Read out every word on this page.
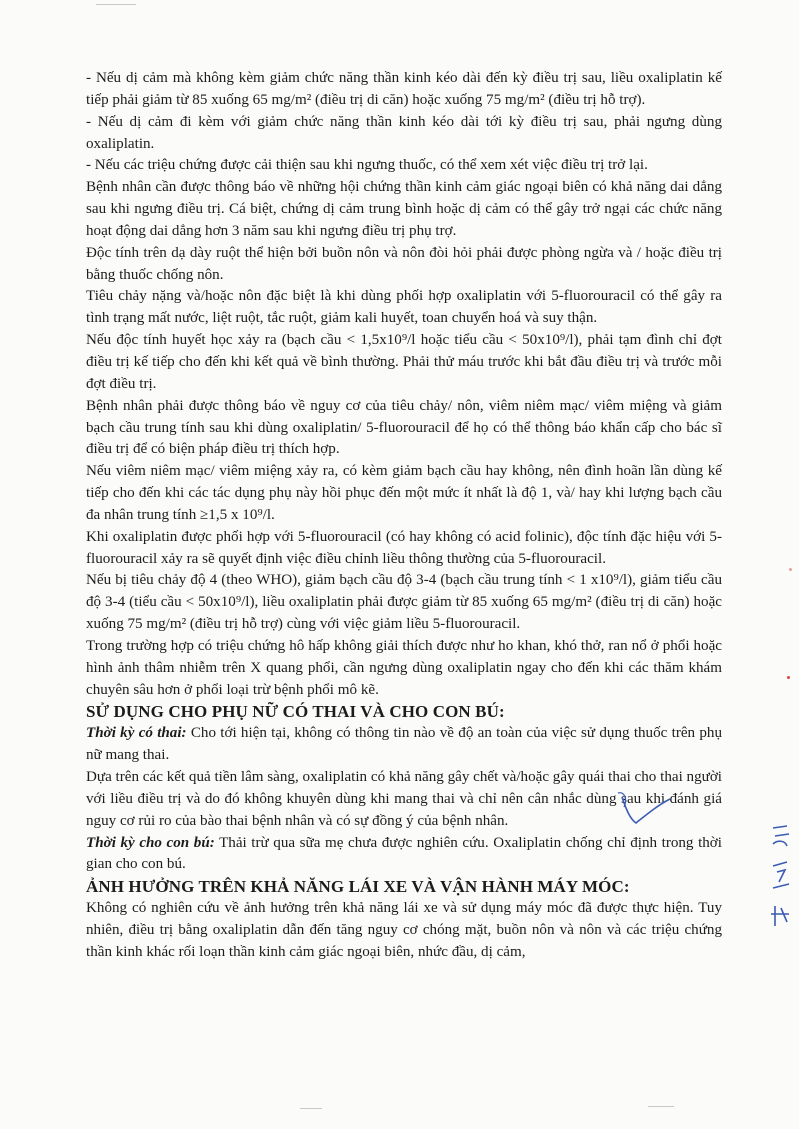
- Nếu dị cảm mà không kèm giảm chức năng thần kinh kéo dài đến kỳ điều trị sau, liều oxaliplatin kế tiếp phải giảm từ 85 xuống 65 mg/m² (điều trị di căn) hoặc xuống 75 mg/m² (điều trị hỗ trợ).

- Nếu dị cảm đi kèm với giảm chức năng thần kinh kéo dài tới kỳ điều trị sau, phải ngưng dùng oxaliplatin.

- Nếu các triệu chứng được cải thiện sau khi ngưng thuốc, có thể xem xét việc điều trị trở lại.

Bệnh nhân cần được thông báo về những hội chứng thần kinh cảm giác ngoại biên có khả năng dai dẳng sau khi ngưng điều trị. Cá biệt, chứng dị cảm trung bình hoặc dị cảm có thể gây trở ngại các chức năng hoạt động dai dẳng hơn 3 năm sau khi ngưng điều trị phụ trợ.

Độc tính trên dạ dày ruột thể hiện bởi buồn nôn và nôn đòi hỏi phải được phòng ngừa và / hoặc điều trị bằng thuốc chống nôn.

Tiêu chảy nặng và/hoặc nôn đặc biệt là khi dùng phối hợp oxaliplatin với 5-fluorouracil có thể gây ra tình trạng mất nước, liệt ruột, tắc ruột, giảm kali huyết, toan chuyển hoá và suy thận.

Nếu độc tính huyết học xảy ra (bạch cầu < 1,5x10⁹/l hoặc tiểu cầu < 50x10⁹/l), phải tạm đình chỉ đợt điều trị kế tiếp cho đến khi kết quả về bình thường. Phải thử máu trước khi bắt đầu điều trị và trước mỗi đợt điều trị.

Bệnh nhân phải được thông báo về nguy cơ của tiêu chảy/ nôn, viêm niêm mạc/ viêm miệng và giảm bạch cầu trung tính sau khi dùng oxaliplatin/ 5-fluorouracil để họ có thể thông báo khẩn cấp cho bác sĩ điều trị để có biện pháp điều trị thích hợp.

Nếu viêm niêm mạc/ viêm miệng xảy ra, có kèm giảm bạch cầu hay không, nên đình hoãn lần dùng kế tiếp cho đến khi các tác dụng phụ này hồi phục đến một mức ít nhất là độ 1, và/ hay khi lượng bạch cầu đa nhân trung tính ≥1,5 x 10⁹/l.

Khi oxaliplatin được phối hợp với 5-fluorouracil (có hay không có acid folinic), độc tính đặc hiệu với 5-fluorouracil xảy ra sẽ quyết định việc điều chỉnh liều thông thường của 5-fluorouracil.

Nếu bị tiêu chảy độ 4 (theo WHO), giảm bạch cầu độ 3-4 (bạch cầu trung tính < 1 x10⁹/l), giảm tiểu cầu độ 3-4 (tiểu cầu < 50x10⁹/l), liều oxaliplatin phải được giảm từ 85 xuống 65 mg/m² (điều trị di căn) hoặc xuống 75 mg/m² (điều trị hỗ trợ) cùng với việc giảm liều 5-fluorouracil.

Trong trường hợp có triệu chứng hô hấp không giải thích được như ho khan, khó thở, ran nổ ở phổi hoặc hình ảnh thâm nhiễm trên X quang phổi, cần ngưng dùng oxaliplatin ngay cho đến khi các thăm khám chuyên sâu hơn ở phổi loại trừ bệnh phổi mô kẽ.

SỬ DỤNG CHO PHỤ NỮ CÓ THAI VÀ CHO CON BÚ:

Thời kỳ có thai: Cho tới hiện tại, không có thông tin nào về độ an toàn của việc sử dụng thuốc trên phụ nữ mang thai.

Dựa trên các kết quả tiền lâm sàng, oxaliplatin có khả năng gây chết và/hoặc gây quái thai cho thai người với liều điều trị và do đó không khuyên dùng khi mang thai và chỉ nên cân nhắc dùng sau khi đánh giá nguy cơ rủi ro của bào thai bệnh nhân và có sự đồng ý của bệnh nhân.

Thời kỳ cho con bú: Thải trừ qua sữa mẹ chưa được nghiên cứu. Oxaliplatin chống chỉ định trong thời gian cho con bú.

ẢNH HƯỞNG TRÊN KHẢ NĂNG LÁI XE VÀ VẬN HÀNH MÁY MÓC:

Không có nghiên cứu về ảnh hưởng trên khả năng lái xe và sử dụng máy móc đã được thực hiện. Tuy nhiên, điều trị bằng oxaliplatin dẫn đến tăng nguy cơ chóng mặt, buồn nôn và nôn và các triệu chứng thần kinh khác rối loạn thần kinh cảm giác ngoại biên, nhức đầu, dị cảm,
